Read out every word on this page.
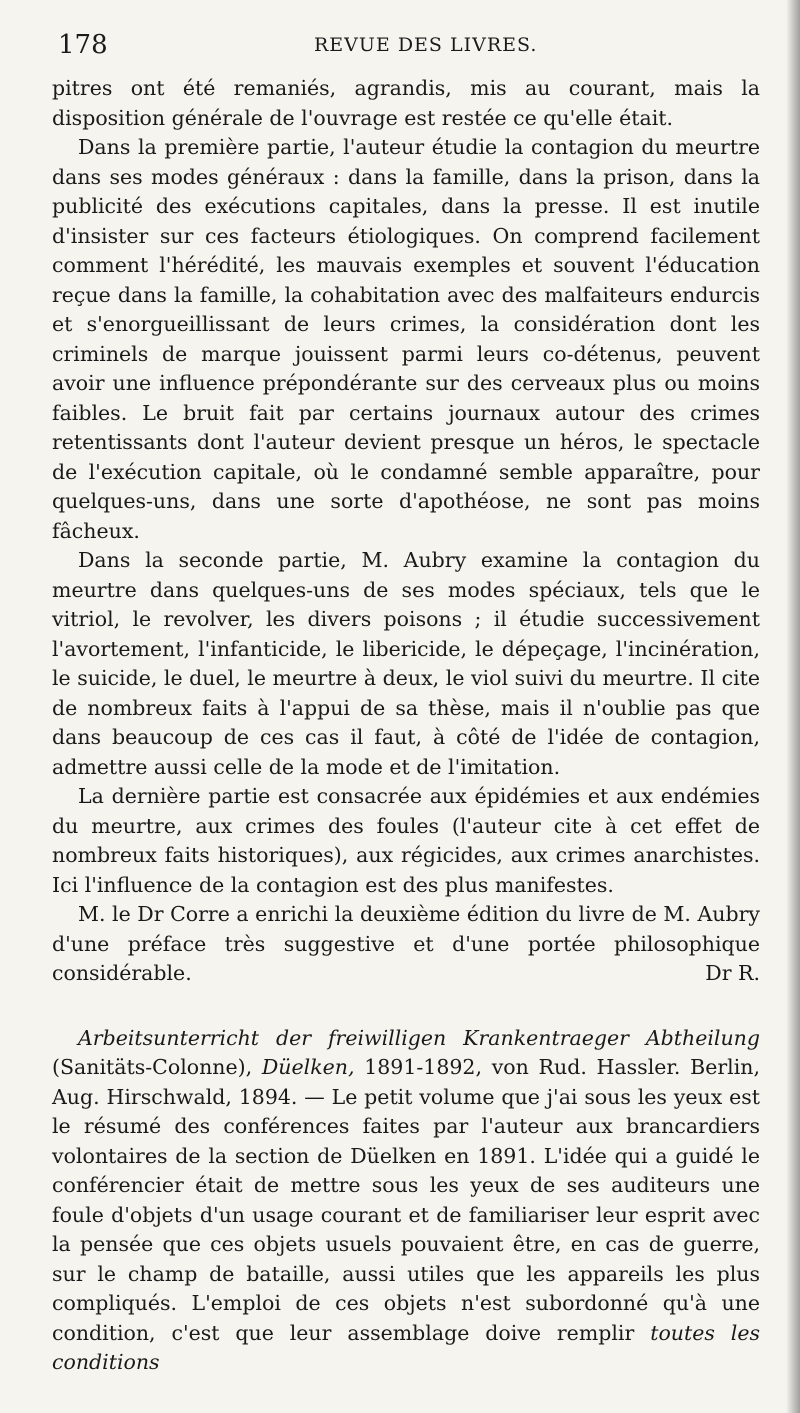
178	REVUE DES LIVRES.

pitres ont été remaniés, agrandis, mis au courant, mais la disposition générale de l'ouvrage est restée ce qu'elle était.

Dans la première partie, l'auteur étudie la contagion du meurtre dans ses modes généraux : dans la famille, dans la prison, dans la publicité des exécutions capitales, dans la presse. Il est inutile d'insister sur ces facteurs étiologiques. On comprend facilement comment l'hérédité, les mauvais exemples et souvent l'éducation reçue dans la famille, la cohabitation avec des malfaiteurs endurcis et s'enorgueillissant de leurs crimes, la considération dont les criminels de marque jouissent parmi leurs co-détenus, peuvent avoir une influence prépondérante sur des cerveaux plus ou moins faibles. Le bruit fait par certains journaux autour des crimes retentissants dont l'auteur devient presque un héros, le spectacle de l'exécution capitale, où le condamné semble apparaître, pour quelques-uns, dans une sorte d'apothéose, ne sont pas moins fâcheux.

Dans la seconde partie, M. Aubry examine la contagion du meurtre dans quelques-uns de ses modes spéciaux, tels que le vitriol, le revolver, les divers poisons ; il étudie successivement l'avortement, l'infanticide, le libericide, le dépeçage, l'incinération, le suicide, le duel, le meurtre à deux, le viol suivi du meurtre. Il cite de nombreux faits à l'appui de sa thèse, mais il n'oublie pas que dans beaucoup de ces cas il faut, à côté de l'idée de contagion, admettre aussi celle de la mode et de l'imitation.

La dernière partie est consacrée aux épidémies et aux endémies du meurtre, aux crimes des foules (l'auteur cite à cet effet de nombreux faits historiques), aux régicides, aux crimes anarchistes. Ici l'influence de la contagion est des plus manifestes.

M. le Dr Corre a enrichi la deuxième édition du livre de M. Aubry d'une préface très suggestive et d'une portée philosophique considérable.	Dr R.

Arbeitsunterricht der freiwilligen Krankentraeger Abtheilung (Sanitäts-Colonne), Düelken, 1891-1892, von Rud. Hassler. Berlin, Aug. Hirschwald, 1894. — Le petit volume que j'ai sous les yeux est le résumé des conférences faites par l'auteur aux brancardiers volontaires de la section de Düelken en 1891. L'idée qui a guidé le conférencier était de mettre sous les yeux de ses auditeurs une foule d'objets d'un usage courant et de familiariser leur esprit avec la pensée que ces objets usuels pouvaient être, en cas de guerre, sur le champ de bataille, aussi utiles que les appareils les plus compliqués. L'emploi de ces objets n'est subordonné qu'à une condition, c'est que leur assemblage doive remplir toutes les conditions
